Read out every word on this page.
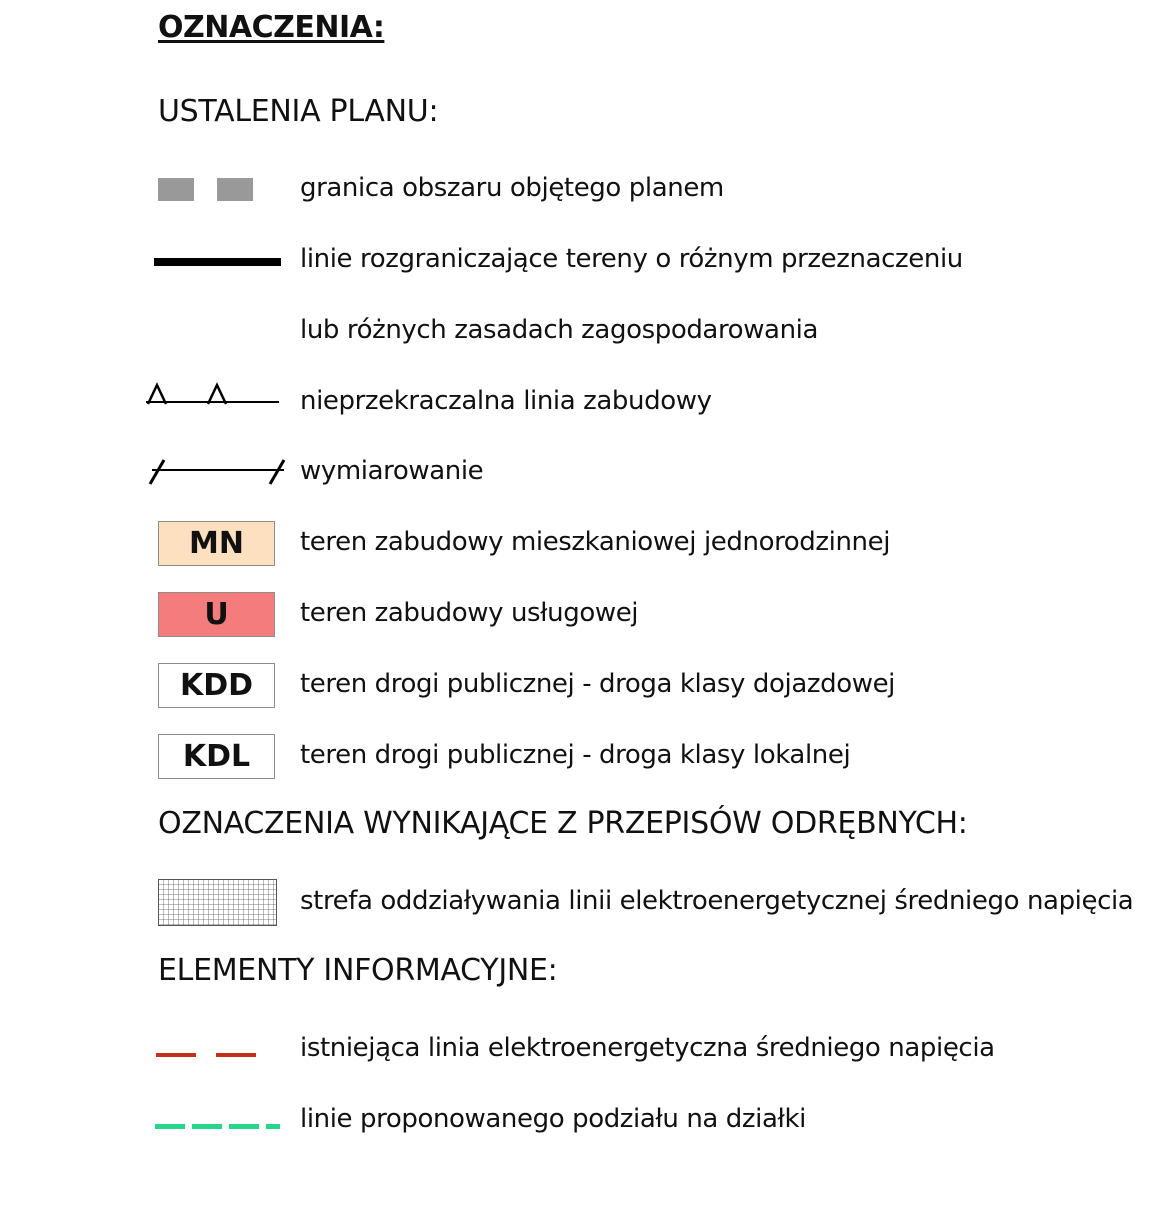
OZNACZENIA:
USTALENIA PLANU:
granica obszaru objętego planem
linie rozgraniczające tereny o różnym przeznaczeniu
lub różnych zasadach zagospodarowania
nieprzekraczalna linia zabudowy
wymiarowanie
MN teren zabudowy mieszkaniowej jednorodzinnej
U	teren zabudowy usługowej
KDD teren drogi publicznej - droga klasy dojazdowej
KDL teren drogi publicznej - droga klasy lokalnej
OZNACZENIA WYNIKAJĄCE Z PRZEPISÓW ODRĘBNYCH:
strefa oddziaływania linii elektroenergetycznej średniego napięcia
ELEMENTY INFORMACYJNE:
istniejąca linia elektroenergetyczna średniego napięcia
linie proponowanego podziału na działki
